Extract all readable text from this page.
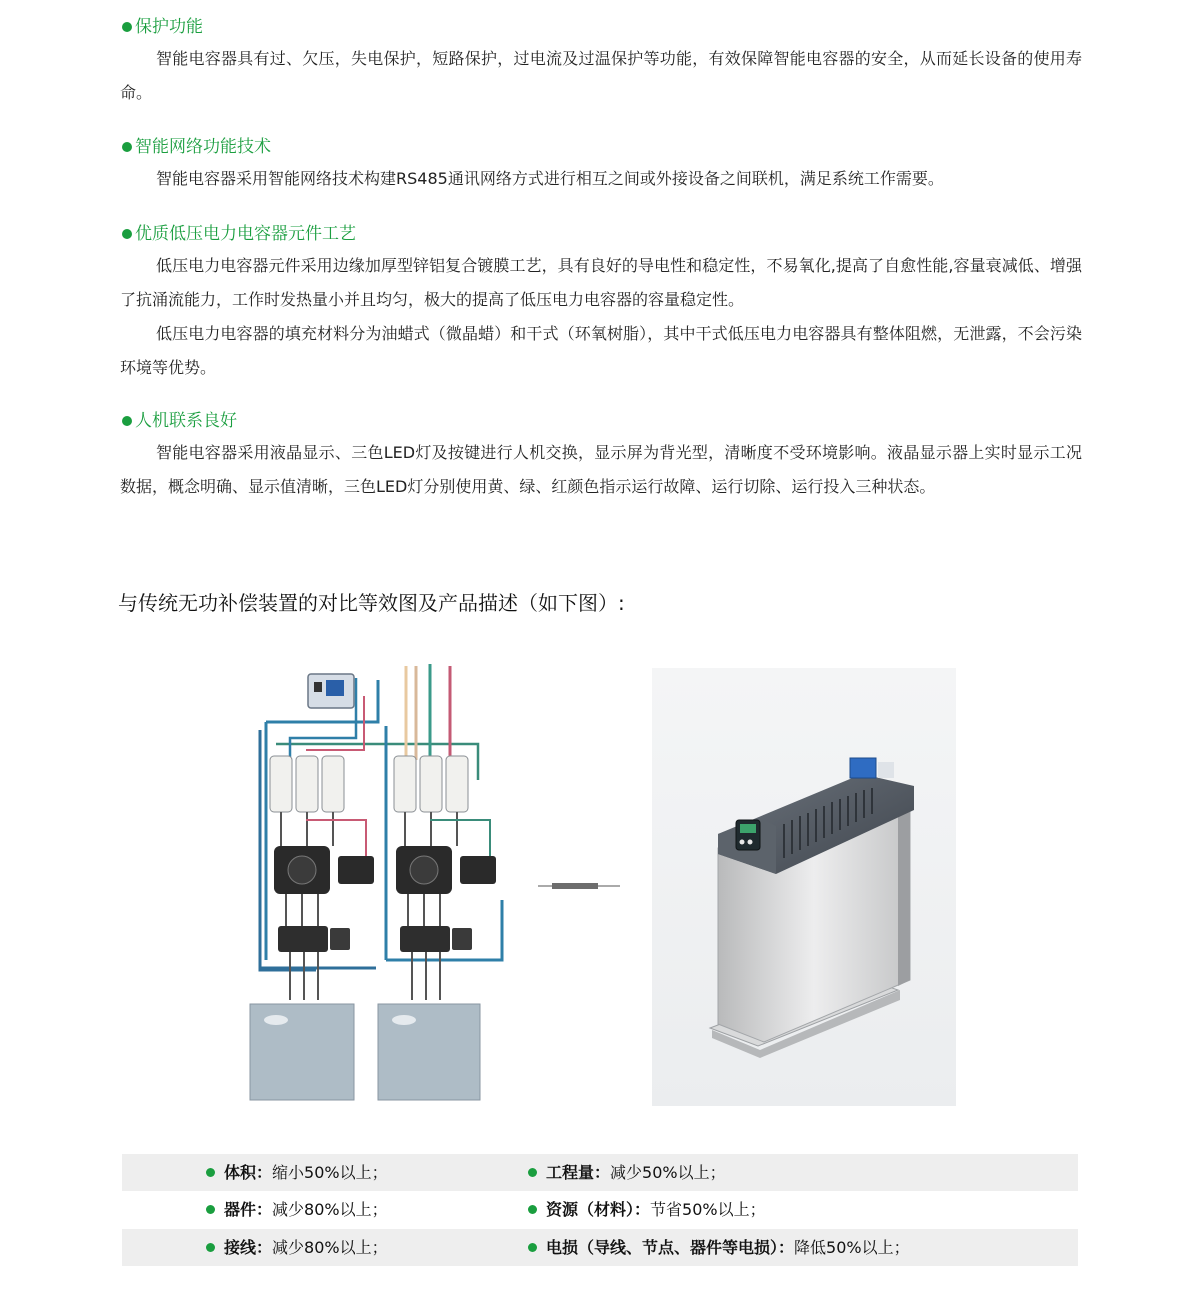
保护功能

智能电容器具有过、欠压，失电保护，短路保护，过电流及过温保护等功能，有效保障智能电容器的安全，从而延长设备的使用寿命。

智能网络功能技术

智能电容器采用智能网络技术构建RS485通讯网络方式进行相互之间或外接设备之间联机，满足系统工作需要。

优质低压电力电容器元件工艺

低压电力电容器元件采用边缘加厚型锌铝复合镀膜工艺，具有良好的导电性和稳定性，不易氧化,提高了自愈性能,容量衰减低、增强了抗涌流能力，工作时发热量小并且均匀，极大的提高了低压电力电容器的容量稳定性。

低压电力电容器的填充材料分为油蜡式（微晶蜡）和干式（环氧树脂），其中干式低压电力电容器具有整体阻燃，无泄露，不会污染环境等优势。

人机联系良好

智能电容器采用液晶显示、三色LED灯及按键进行人机交换，显示屏为背光型，清晰度不受环境影响。液晶显示器上实时显示工况数据，概念明确、显示值清晰，三色LED灯分别使用黄、绿、红颜色指示运行故障、运行切除、运行投入三种状态。

与传统无功补偿装置的对比等效图及产品描述（如下图）:
体积：缩小50%以上；	工程量：减少50%以上；
器件：减少80%以上；	资源（材料）：节省50%以上；
接线：减少80%以上；	电损（导线、节点、器件等电损）：降低50%以上；
